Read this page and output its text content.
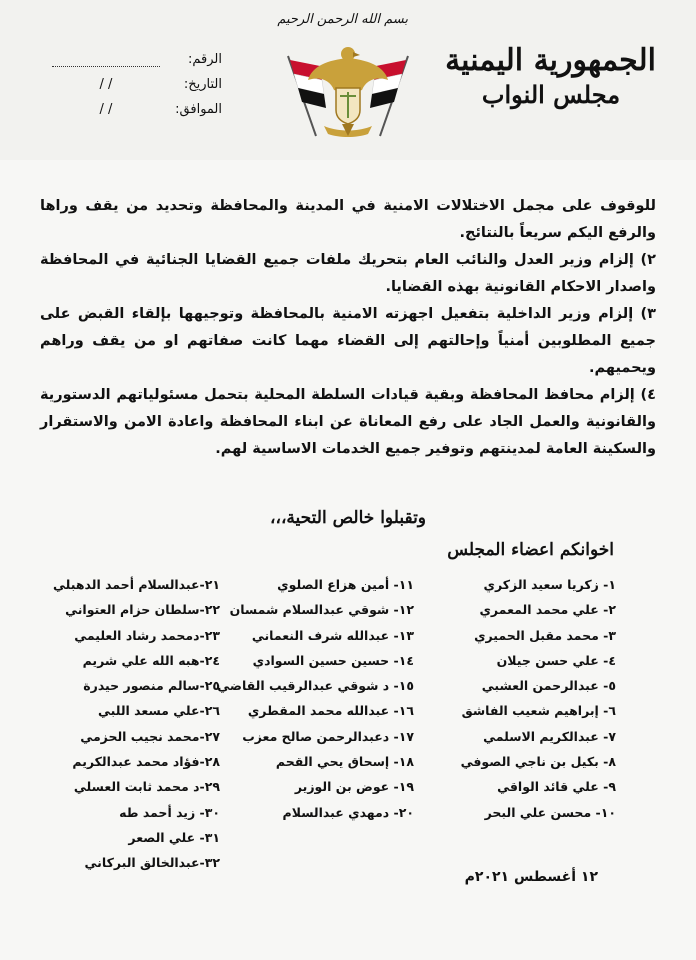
الجمهورية اليمنية
مجلس النواب
بسم الله الرحمن الرحيم
الرقم:
التاريخ:
/ /
الموافق:
/ /

للوقوف على مجمل الاختلالات الامنية في المدينة والمحافظة وتحديد من يقف وراها والرفع اليكم سريعاً بالنتائج.

٢) إلزام وزير العدل والنائب العام بتحريك ملفات جميع القضايا الجنائية في المحافظة واصدار الاحكام القانونية بهذه القضايا.

٣) إلزام وزير الداخلية بتفعيل اجهزته الامنية بالمحافظة وتوجيهها بإلقاء القبض على جميع المطلوبين أمنياً وإحالتهم إلى القضاء مهما كانت صفاتهم او من يقف وراهم ويحميهم.

٤) إلزام محافظ المحافظة وبقية قيادات السلطة المحلية بتحمل مسئولياتهم الدستورية والقانونية والعمل الجاد على رفع المعاناة عن ابناء المحافظة واعادة الامن والاستقرار والسكينة العامة لمدينتهم وتوفير جميع الخدمات الاساسية لهم.

وتقبلوا خالص التحية،،،
اخوانكم اعضاء المجلس
١- زكريا سعيد الزكري
٢- علي محمد المعمري
٣- محمد مقبل الحميري
٤- علي حسن جيلان
٥- عبدالرحمن العشبي
٦- إبراهيم شعيب الفاشق
٧- عبدالكريم الاسلمي
٨- بكيل بن ناجي الصوفي
٩- علي قائد الواقي
١٠- محسن علي البحر
١١- أمين هزاع الصلوي
١٢- شوقي عبدالسلام شمسان
١٣- عبدالله شرف النعماني
١٤- حسين حسين السوادي
١٥- د شوقي عبدالرقيب القاضي
١٦- عبدالله محمد المقطري
١٧- دعبدالرحمن صالح معزب
١٨- إسحاق يحي القحم
١٩- عوض بن الوزير
٢٠- دمهدي عبدالسلام
٢١-عبدالسلام أحمد الدهبلي
٢٢-سلطان حزام العتواني
٢٣-دمحمد رشاد العليمي
٢٤-هبه الله علي شريم
٢٥-سالم منصور حيدرة
٢٦-علي مسعد اللبي
٢٧-محمد نجيب الحزمي
٢٨-فؤاد محمد عبدالكريم
٢٩-د محمد ثابت العسلي
٣٠- زيد أحمد طه
٣١- علي الصعر
٣٢-عبدالخالق البركاني
١٢ أغسطس ٢٠٢١م
